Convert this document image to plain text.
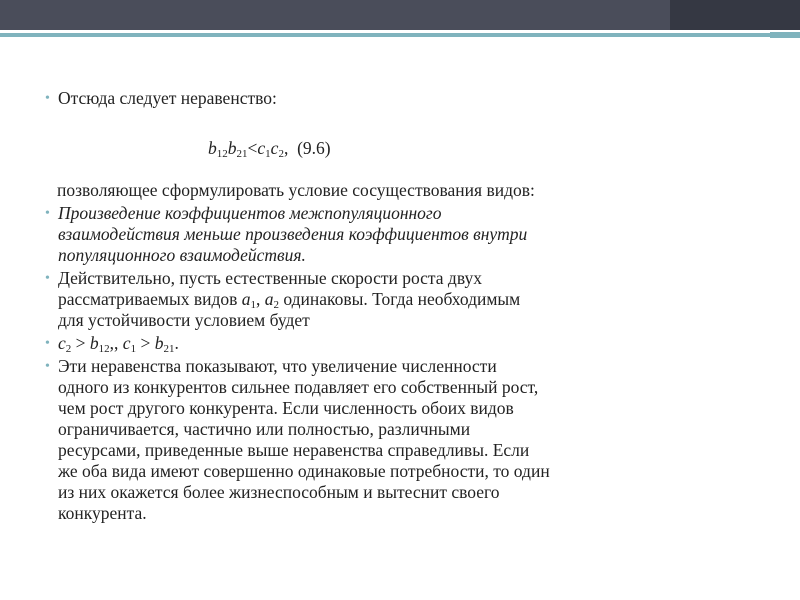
• Отсюда следует неравенство:

$b_{12}b_{21}<c_1c_2$, (9.6)

позволяющее сформулировать условие сосуществования видов:

• Произведение коэффициентов межпопуляционного
взаимодействия меньше произведения коэффициентов внутри
популяционного взаимодействия.
• Действительно, пусть естественные скорости роста двух
рассматриваемых видов $a_1$, $a_2$ одинаковы. Тогда необходимым
для устойчивости условием будет
• $c_2 > b_{12}$,, $c_1 > b_{21}$.
• Эти неравенства показывают, что увеличение численности
одного из конкурентов сильнее подавляет его собственный рост,
чем рост другого конкурента. Если численность обоих видов
ограничивается, частично или полностью, различными
ресурсами, приведенные выше неравенства справедливы. Если
же оба вида имеют совершенно одинаковые потребности, то один
из них окажется более жизнеспособным и вытеснит своего
конкурента.
